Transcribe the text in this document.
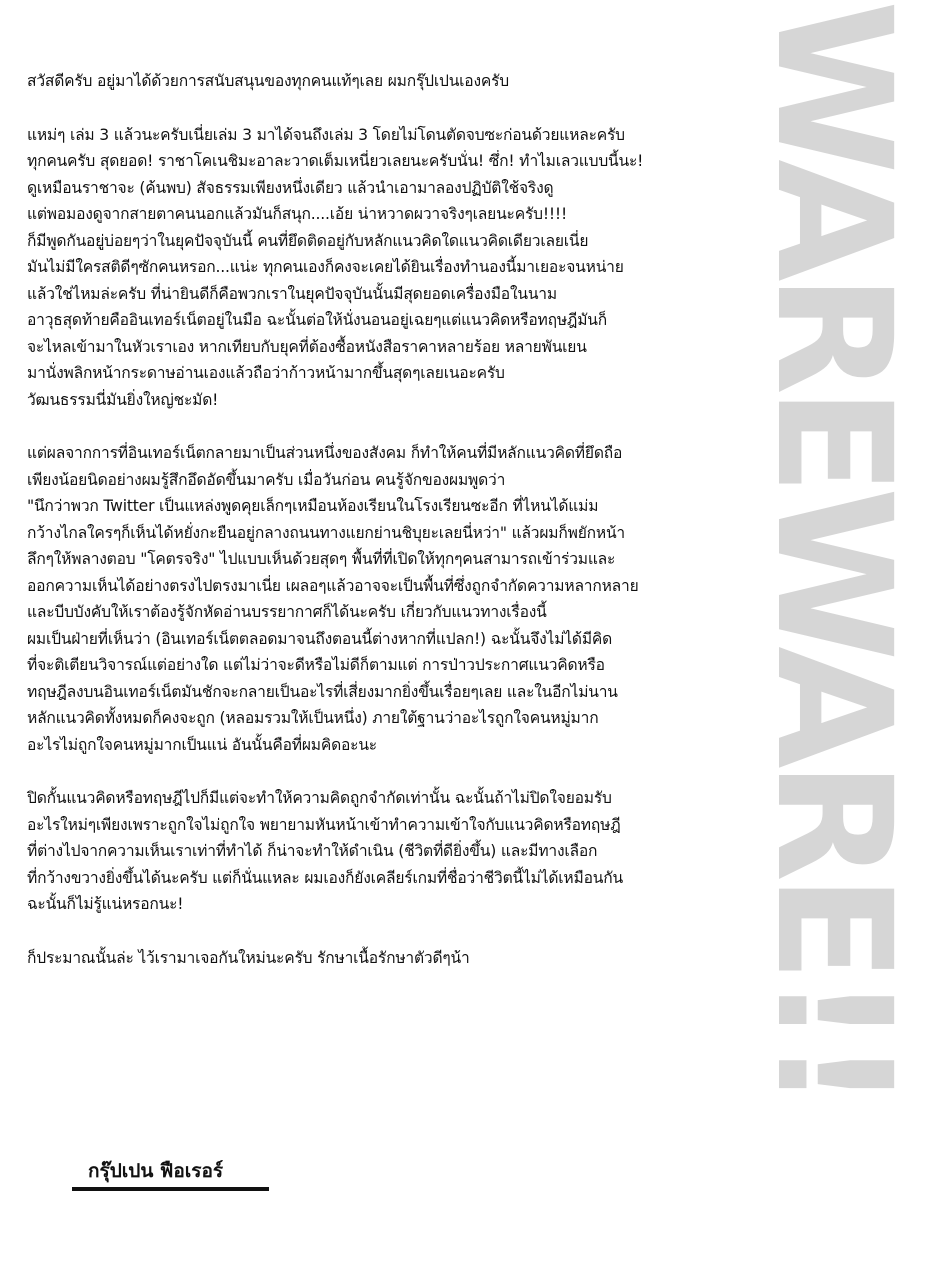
สวัสดีครับ อยู่มาได้ด้วยการสนับสนุนของทุกคนแท้ๆเลย ผมกรุ๊ปเปนเองครับ

แหม่ๆ เล่ม 3 แล้วนะครับเนี่ยเล่ม 3 มาได้จนถึงเล่ม 3 โดยไม่โดนตัดจบซะก่อนด้วยแหละครับ
ทุกคนครับ สุดยอด! ราชาโคเนชิมะอาละวาดเต็มเหนี่ยวเลยนะครับนั่น! ซึ่ก! ทำไมเลวแบบนี้นะ!
ดูเหมือนราชาจะ (ค้นพบ) สัจธรรมเพียงหนึ่งเดียว แล้วนำเอามาลองปฏิบัติใช้จริงดู
แต่พอมองดูจากสายตาคนนอกแล้วมันก็สนุก....เอ้ย น่าหวาดผวาจริงๆเลยนะครับ!!!!
ก็มีพูดกันอยู่บ่อยๆว่าในยุคปัจจุบันนี้ คนที่ยึดติดอยู่กับหลักแนวคิดใดแนวคิดเดียวเลยเนี่ย
มันไม่มีใครสติดีๆซักคนหรอก...แน่ะ ทุกคนเองก็คงจะเคยได้ยินเรื่องทำนองนี้มาเยอะจนหน่าย
แล้วใช่ไหมล่ะครับ ที่น่ายินดีก็คือพวกเราในยุคปัจจุบันนั้นมีสุดยอดเครื่องมือในนาม
อาวุธสุดท้ายคืออินเทอร์เน็ตอยู่ในมือ ฉะนั้นต่อให้นั่งนอนอยู่เฉยๆแต่แนวคิดหรือทฤษฎีมันก็
จะไหลเข้ามาในหัวเราเอง หากเทียบกับยุคที่ต้องซื้อหนังสือราคาหลายร้อย หลายพันเยน
มานั่งพลิกหน้ากระดาษอ่านเองแล้วถือว่าก้าวหน้ามากขึ้นสุดๆเลยเนอะครับ
วัฒนธรรมนี่มันยิ่งใหญ่ชะมัด!

แต่ผลจากการที่อินเทอร์เน็ตกลายมาเป็นส่วนหนึ่งของสังคม ก็ทำให้คนที่มีหลักแนวคิดที่ยึดถือ
เพียงน้อยนิดอย่างผมรู้สึกอึดอัดขึ้นมาครับ เมื่อวันก่อน คนรู้จักของผมพูดว่า
"นึกว่าพวก Twitter เป็นแหล่งพูดคุยเล็กๆเหมือนห้องเรียนในโรงเรียนซะอีก ที่ไหนได้แม่ม
กว้างไกลใครๆก็เห็นได้หยั่งกะยืนอยู่กลางถนนทางแยกย่านชิบุยะเลยนี่หว่า" แล้วผมก็พยักหน้า
ลึกๆให้พลางตอบ "โคตรจริง" ไปแบบเห็นด้วยสุดๆ พื้นที่ที่เปิดให้ทุกๆคนสามารถเข้าร่วมและ
ออกความเห็นได้อย่างตรงไปตรงมาเนี่ย เผลอๆแล้วอาจจะเป็นพื้นที่ซึ่งถูกจำกัดความหลากหลาย
และบีบบังคับให้เราต้องรู้จักหัดอ่านบรรยากาศก็ได้นะครับ เกี่ยวกับแนวทางเรื่องนี้
ผมเป็นฝ่ายที่เห็นว่า (อินเทอร์เน็ตตลอดมาจนถึงตอนนี้ต่างหากที่แปลก!) ฉะนั้นจึงไม่ได้มีคิด
ที่จะติเตียนวิจารณ์แต่อย่างใด แต่ไม่ว่าจะดีหรือไม่ดีก็ตามแต่ การป่าวประกาศแนวคิดหรือ
ทฤษฎีลงบนอินเทอร์เน็ตมันชักจะกลายเป็นอะไรที่เสี่ยงมากยิ่งขึ้นเรื่อยๆเลย และในอีกไม่นาน
หลักแนวคิดทั้งหมดก็คงจะถูก (หลอมรวมให้เป็นหนึ่ง) ภายใต้ฐานว่าอะไรถูกใจคนหมู่มาก
อะไรไม่ถูกใจคนหมู่มากเป็นแน่ อันนั้นคือที่ผมคิดอะนะ

ปิดกั้นแนวคิดหรือทฤษฎีไปก็มีแต่จะทำให้ความคิดถูกจำกัดเท่านั้น ฉะนั้นถ้าไม่ปิดใจยอมรับ
อะไรใหม่ๆเพียงเพราะถูกใจไม่ถูกใจ พยายามหันหน้าเข้าทำความเข้าใจกับแนวคิดหรือทฤษฎี
ที่ต่างไปจากความเห็นเราเท่าที่ทำได้ ก็น่าจะทำให้ดำเนิน (ชีวิตที่ดียิ่งขึ้น) และมีทางเลือก
ที่กว้างขวางยิ่งขึ้นได้นะครับ แต่ก็นั่นแหละ ผมเองก็ยังเคลียร์เกมที่ชื่อว่าชีวิตนี้ไม่ได้เหมือนกัน
ฉะนั้นก็ไม่รู้แน่หรอกนะ!

ก็ประมาณนั้นล่ะ ไว้เรามาเจอกันใหม่นะครับ รักษาเนื้อรักษาตัวดีๆน้า

กรุ๊ปเปน ฟือเรอร์
WAREWARE!!
